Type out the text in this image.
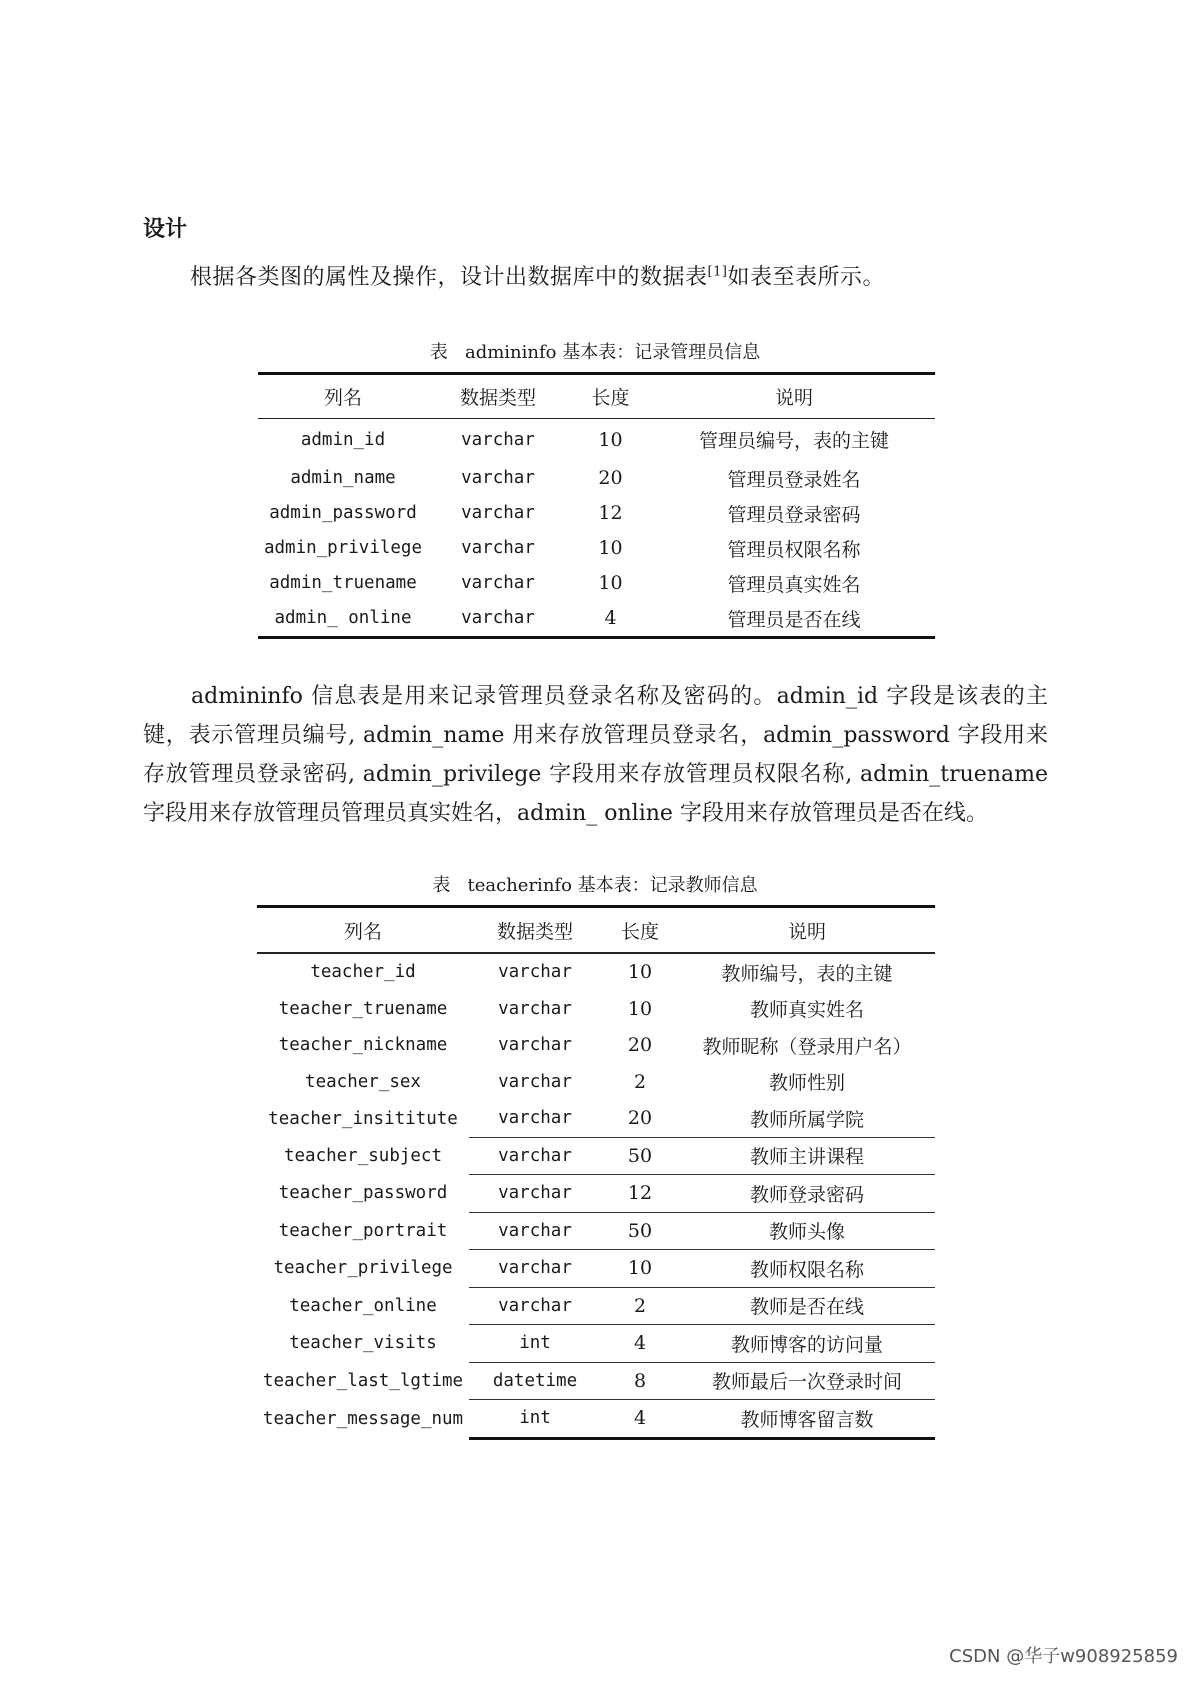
设计
根据各类图的属性及操作，设计出数据库中的数据表[1]如表至表所示。
表   admininfo 基本表：记录管理员信息
列名	数据类型	长度	说明
admin_id	varchar	10	管理员编号，表的主键
admin_name	varchar	20	管理员登录姓名
admin_password	varchar	12	管理员登录密码
admin_privilege	varchar	10	管理员权限名称
admin_truename	varchar	10	管理员真实姓名
admin_ online	varchar	4	管理员是否在线

admininfo 信息表是用来记录管理员登录名称及密码的。admin_id 字段是该表的主键，表示管理员编号, admin_name 用来存放管理员登录名，admin_password 字段用来存放管理员登录密码, admin_privilege 字段用来存放管理员权限名称, admin_truename 字段用来存放管理员管理员真实姓名，admin_ online 字段用来存放管理员是否在线。

表   teacherinfo 基本表：记录教师信息
列名	数据类型	长度	说明
teacher_id	varchar	10	教师编号，表的主键
teacher_truename	varchar	10	教师真实姓名
teacher_nickname	varchar	20	教师昵称（登录用户名）
teacher_sex	varchar	2	教师性别
teacher_insititute	varchar	20	教师所属学院
teacher_subject	varchar	50	教师主讲课程
teacher_password	varchar	12	教师登录密码
teacher_portrait	varchar	50	教师头像
teacher_privilege	varchar	10	教师权限名称
teacher_online	varchar	2	教师是否在线
teacher_visits	int	4	教师博客的访问量
teacher_last_lgtime	datetime	8	教师最后一次登录时间
teacher_message_num	int	4	教师博客留言数
CSDN @华子w908925859
